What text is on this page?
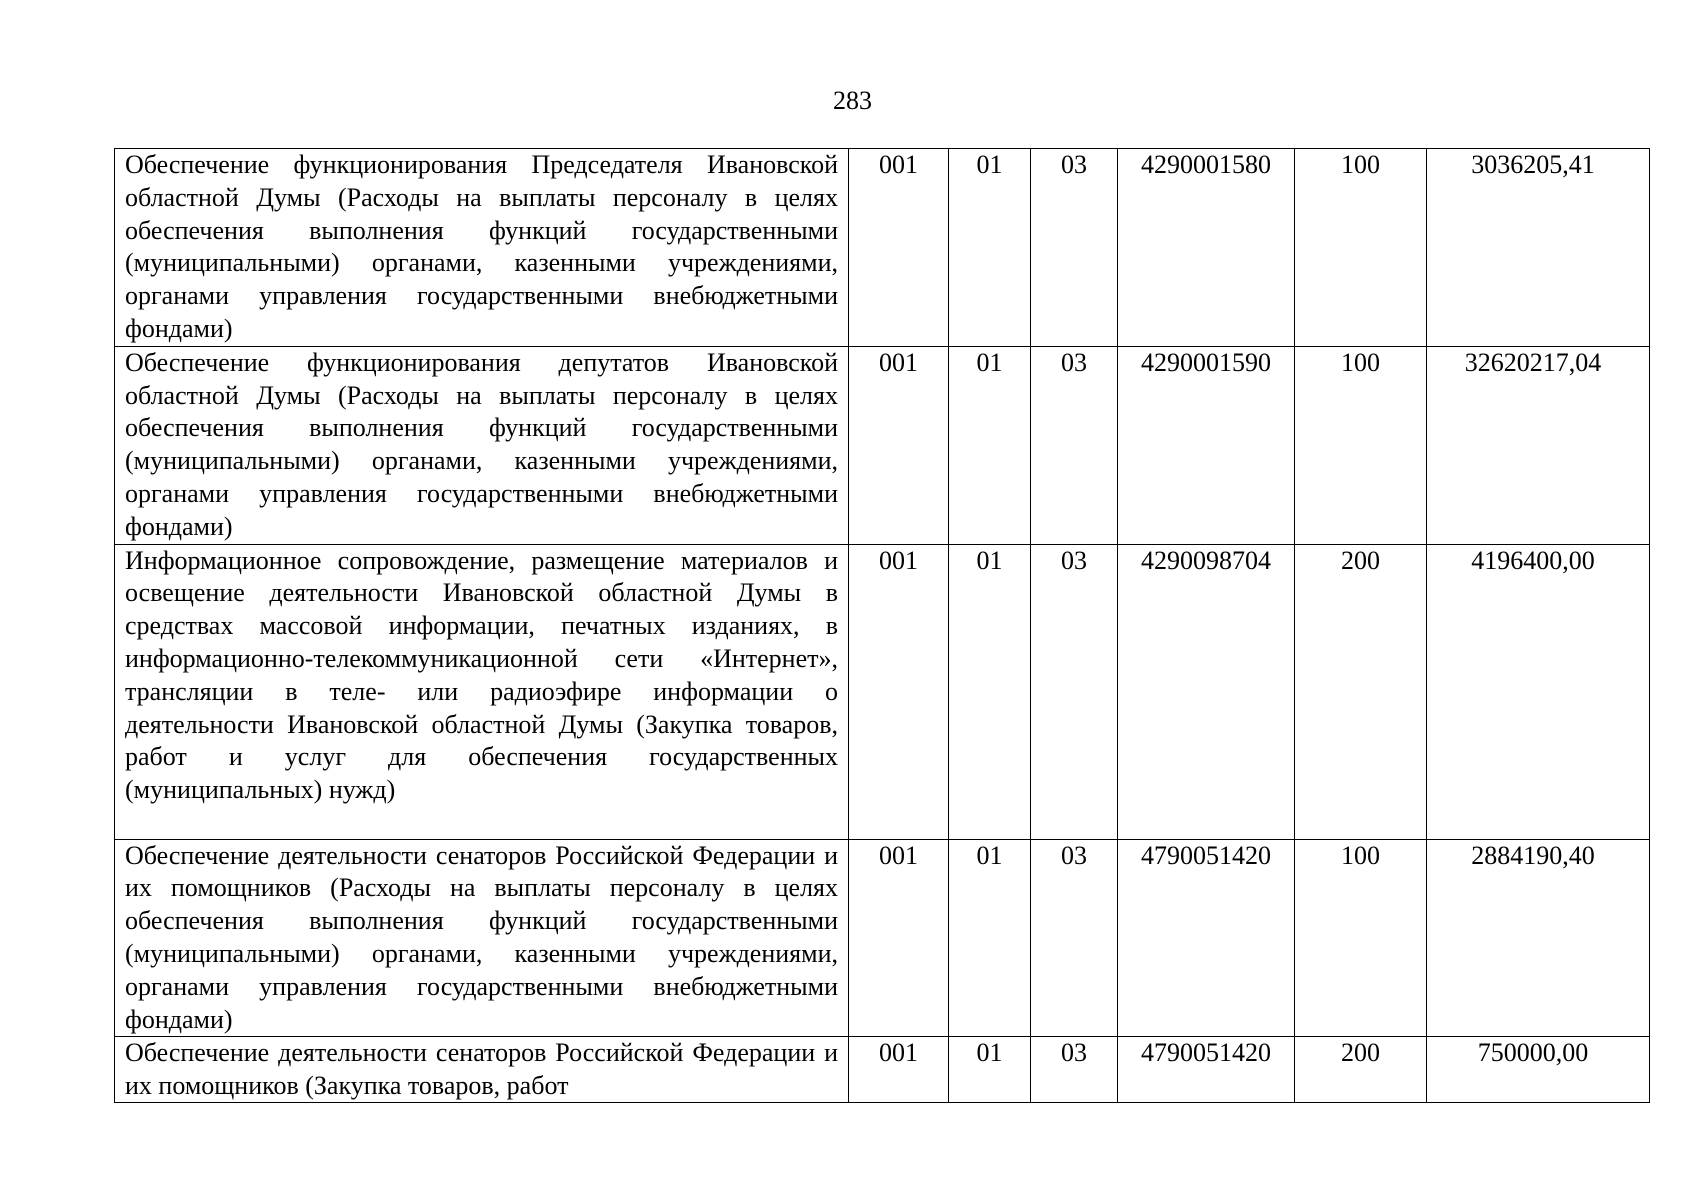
283
Обеспечение функционирования Председателя Ивановской областной Думы (Расходы на выплаты персоналу в целях обеспечения выполнения функций государственными (муниципальными) органами, казенными учреждениями, органами управления государственными внебюджетными фондами)	001	01	03	4290001580	100	3036205,41

Обеспечение функционирования депутатов Ивановской областной Думы (Расходы на выплаты персоналу в целях обеспечения выполнения функций государственными (муниципальными) органами, казенными учреждениями, органами управления государственными внебюджетными фондами)	001	01	03	4290001590	100	32620217,04

Информационное сопровождение, размещение материалов и освещение деятельности Ивановской областной Думы в средствах массовой информации, печатных изданиях, в информационно-телекоммуникационной сети «Интернет», трансляции в теле- или радиоэфире информации о деятельности Ивановской областной Думы (Закупка товаров, работ и услуг для обеспечения государственных (муниципальных) нужд)	001	01	03	4290098704	200	4196400,00

Обеспечение деятельности сенаторов Российской Федерации и их помощников (Расходы на выплаты персоналу в целях обеспечения выполнения функций государственными (муниципальными) органами, казенными учреждениями, органами управления государственными внебюджетными фондами)	001	01	03	4790051420	100	2884190,40

Обеспечение деятельности сенаторов Российской Федерации и их помощников (Закупка товаров, работ	001	01	03	4790051420	200	750000,00
